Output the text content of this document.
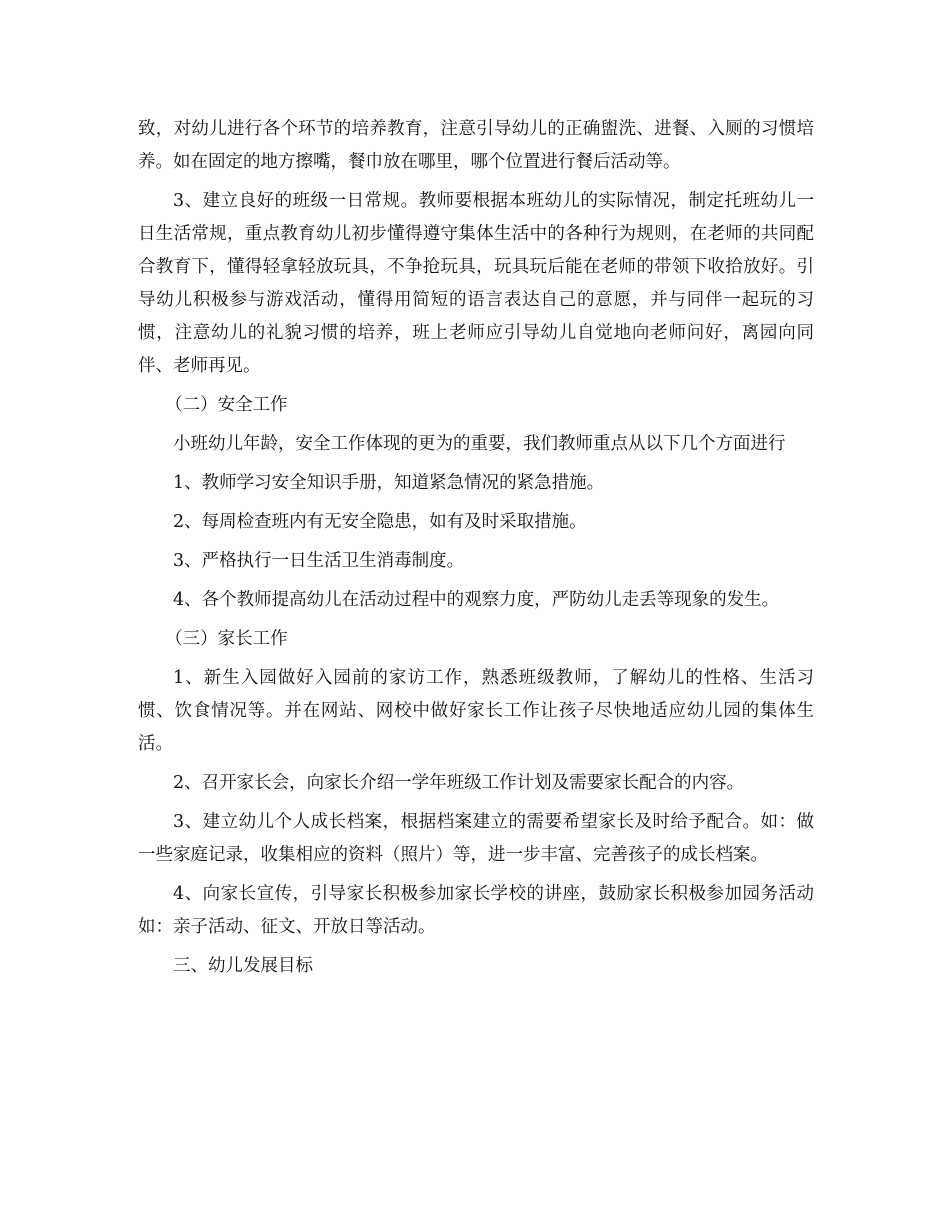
致，对幼儿进行各个环节的培养教育，注意引导幼儿的正确盥洗、进餐、入厕的习惯培养。如在固定的地方擦嘴，餐巾放在哪里，哪个位置进行餐后活动等。

3、建立良好的班级一日常规。教师要根据本班幼儿的实际情况，制定托班幼儿一日生活常规，重点教育幼儿初步懂得遵守集体生活中的各种行为规则，在老师的共同配合教育下，懂得轻拿轻放玩具，不争抢玩具，玩具玩后能在老师的带领下收拾放好。引导幼儿积极参与游戏活动，懂得用简短的语言表达自己的意愿，并与同伴一起玩的习惯，注意幼儿的礼貌习惯的培养，班上老师应引导幼儿自觉地向老师问好，离园向同伴、老师再见。

（二）安全工作

小班幼儿年龄，安全工作体现的更为的重要，我们教师重点从以下几个方面进行

1、教师学习安全知识手册，知道紧急情况的紧急措施。

2、每周检查班内有无安全隐患，如有及时采取措施。

3、严格执行一日生活卫生消毒制度。

4、各个教师提高幼儿在活动过程中的观察力度，严防幼儿走丢等现象的发生。

（三）家长工作

1、新生入园做好入园前的家访工作，熟悉班级教师，了解幼儿的性格、生活习惯、饮食情况等。并在网站、网校中做好家长工作让孩子尽快地适应幼儿园的集体生活。

2、召开家长会，向家长介绍一学年班级工作计划及需要家长配合的内容。

3、建立幼儿个人成长档案，根据档案建立的需要希望家长及时给予配合。如：做一些家庭记录，收集相应的资料（照片）等，进一步丰富、完善孩子的成长档案。

4、向家长宣传，引导家长积极参加家长学校的讲座，鼓励家长积极参加园务活动如：亲子活动、征文、开放日等活动。

三、幼儿发展目标
